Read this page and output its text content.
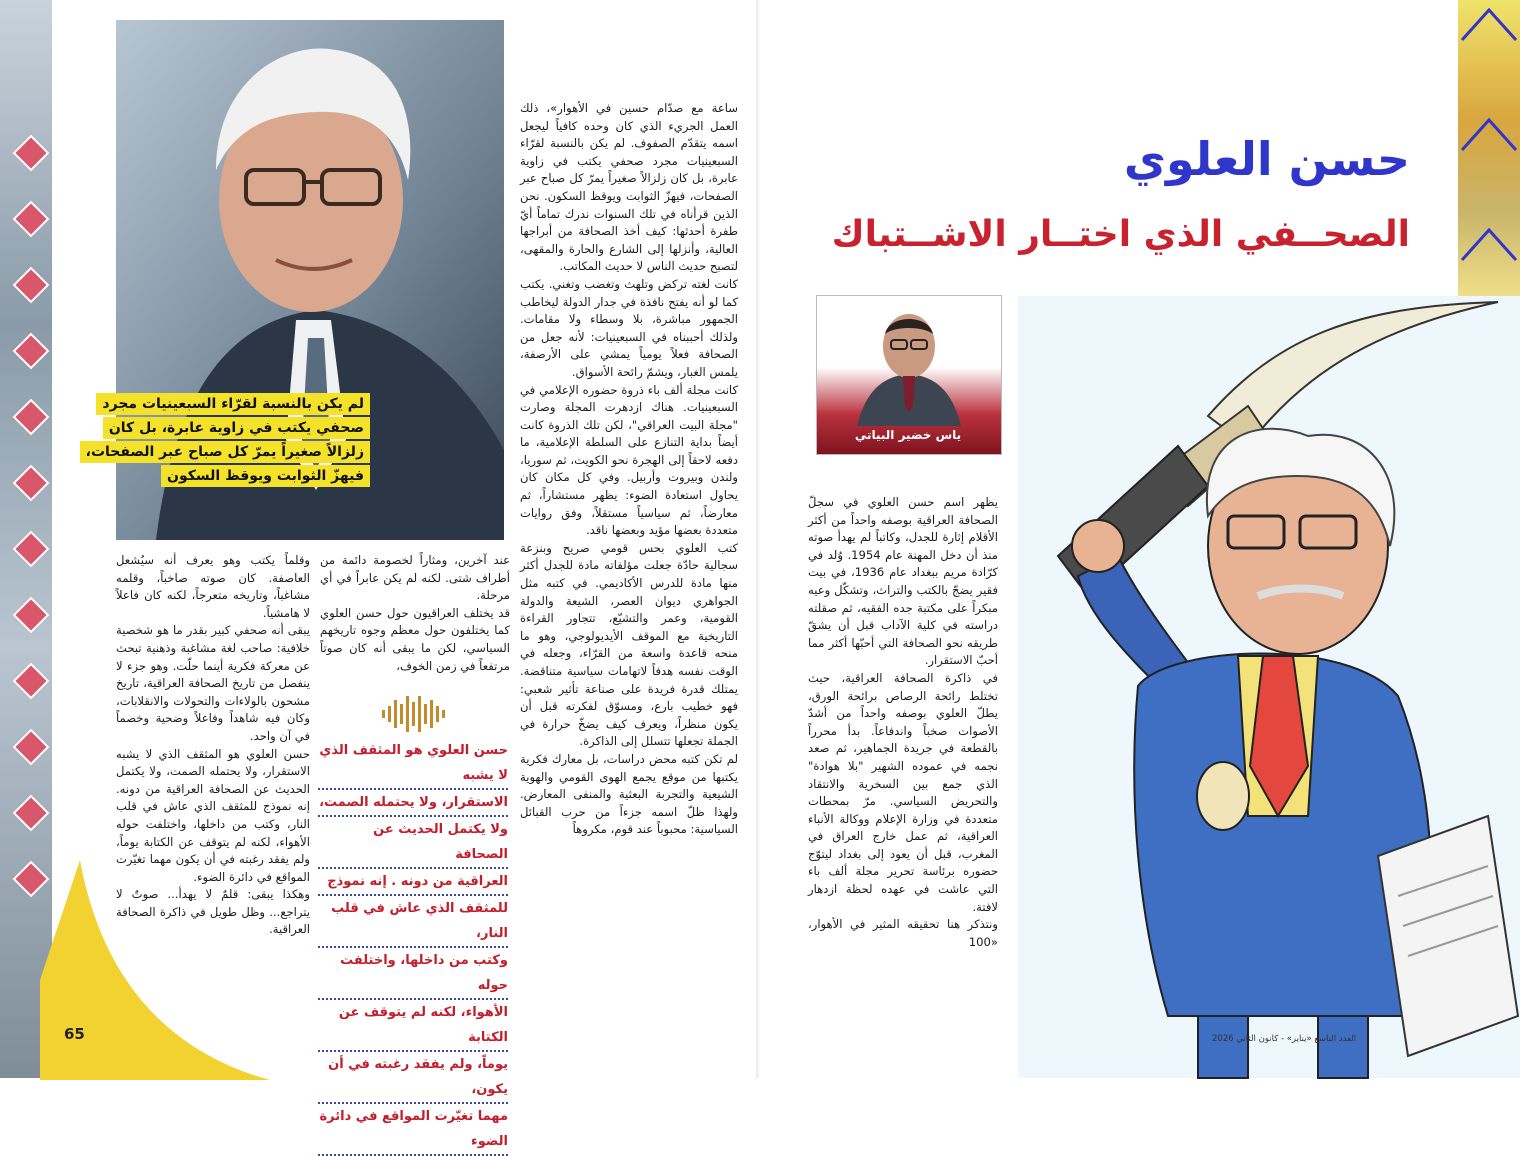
لم يكن بالنسبة لقرّاء السبعينيات مجرد
صحفي يكتب في زاوية عابرة، بل كان
زلزالاً صغيراً يمرّ كل صباح عبر الصفحات،
فيهزّ الثوابت ويوقظ السكون

ساعة مع صدّام حسين في الأهوار»، ذلك العمل الجريء الذي كان وحده كافياً ليجعل اسمه يتقدّم الصفوف. لم يكن بالنسبة لقرّاء السبعينيات مجرد صحفي يكتب في زاوية عابرة، بل كان زلزالاً صغيراً يمرّ كل صباح عبر الصفحات، فيهزّ الثوابت ويوقظ السكون. نحن الذين قرأناه في تلك السنوات ندرك تماماً أيّ طفرة أحدثها: كيف أخذ الصحافة من أبراجها العالية، وأنزلها إلى الشارع والحارة والمقهى، لتصبح حديث الناس لا حديث المكاتب.

كانت لغته تركض وتلهث وتغضب وتغني. يكتب كما لو أنه يفتح نافذة في جدار الدولة ليخاطب الجمهور مباشرة، بلا وسطاء ولا مقامات. ولذلك أحببناه في السبعينيات: لأنه جعل من الصحافة فعلاً يومياً يمشي على الأرصفة، يلمس الغبار، ويشمّ رائحة الأسواق.

كانت مجلة ألف باء ذروة حضوره الإعلامي في السبعينيات. هناك ازدهرت المجلة وصارت "مجلة البيت العراقي"، لكن تلك الذروة كانت أيضاً بداية التنازع على السلطة الإعلامية، ما دفعه لاحقاً إلى الهجرة نحو الكويت، ثم سوريا، ولندن وبيروت وأربيل. وفي كل مكان كان يحاول استعادة الضوء: يظهر مستشاراً، ثم معارضاً، ثم سياسياً مستقلاً، وفق روايات متعددة بعضها مؤيد وبعضها ناقد.

كتب العلوي بحس قومي صريح وبنزعة سجالية حادّة جعلت مؤلفاته مادة للجدل أكثر منها مادة للدرس الأكاديمي. في كتبه مثل الجواهري ديوان العصر، الشيعة والدولة القومية، وعمر والتشيّع، تتجاور القراءة التاريخية مع الموقف الأيديولوجي، وهو ما منحه قاعدة واسعة من القرّاء، وجعله في الوقت نفسه هدفاً لاتهامات سياسية متناقضة. يمتلك قدرة فريدة على صناعة تأثير شعبي: فهو خطيب بارع، ومسوّق لفكرته قبل أن يكون منظراً، ويعرف كيف يضخّ حرارة في الجملة تجعلها تتسلل إلى الذاكرة.

لم تكن كتبه محض دراسات، بل معارك فكرية يكتبها من موقع يجمع الهوى القومي والهوية الشيعية والتجربة البعثية والمنفى المعارض. ولهذا ظلّ اسمه جزءاً من حرب القبائل السياسية: محبوباً عند قوم، مكروهاً

عند آخرين، ومثاراً لخصومة دائمة من أطراف شتى. لكنه لم يكن عابراً في أي مرحلة.

قد يختلف العراقيون حول حسن العلوي كما يختلفون حول معظم وجوه تاريخهم السياسي، لكن ما يبقى أنه كان صوتاً مرتفعاً في زمن الخوف،

حسن العلوي هو المثقف الذي لا يشبه
الاستقرار، ولا يحتمله الصمت،
ولا يكتمل الحديث عن الصحافة
العراقية من دونه . إنه نموذج
للمثقف الذي عاش في قلب النار،
وكتب من داخلها، واختلفت حوله
الأهواء، لكنه لم يتوقف عن الكتابة
يوماً، ولم يفقد رغبته في أن يكون،
مهما تغيّرت المواقع في دائرة الضوء

وقلماً يكتب وهو يعرف أنه سيُشعل العاصفة. كان صوته صاخباً، وقلمه مشاغباً، وتاريخه متعرجاً، لكنه كان فاعلاً لا هامشياً.

يبقى أنه صحفي كبير بقدر ما هو شخصية خلافية: صاحب لغة مشاغبة وذهنية تبحث عن معركة فكرية أينما حلّت. وهو جزء لا ينفصل من تاريخ الصحافة العراقية، تاريخ مشحون بالولاءات والتحولات والانقلابات، وكان فيه شاهداً وفاعلاً وضحية وخصماً في آن واحد.

حسن العلوي هو المثقف الذي لا يشبه الاستقرار، ولا يحتمله الصمت، ولا يكتمل الحديث عن الصحافة العراقية من دونه. إنه نموذج للمثقف الذي عاش في قلب النار، وكتب من داخلها، واختلفت حوله الأهواء، لكنه لم يتوقف عن الكتابة يوماً، ولم يفقد رغبته في أن يكون مهما تغيّرت المواقع في دائرة الضوء.

وهكذا يبقى: قلمٌ لا يهدأ... صوتٌ لا يتراجع... وظل طويل في ذاكرة الصحافة العراقية.

65
حسن العلوي
الصحــفي الذي اختــار الاشــتباك
ياس خضير البياتي

يظهر اسم حسن العلوي في سجلّ الصحافة العراقية بوصفه واحداً من أكثر الأقلام إثارة للجدل، وكاتباً لم يهدأ صوته منذ أن دخل المهنة عام 1954. وُلد في كرّادة مريم ببغداد عام 1936، في بيت فقير يضجّ بالكتب والتراث، وتشكّل وعيه مبكراً على مكتبة جده الفقيه، ثم صقلته دراسته في كلية الآداب قبل أن يشقّ طريقه نحو الصحافة التي أحبّها أكثر مما أحبّ الاستقرار.

في ذاكرة الصحافة العراقية، حيث تختلط رائحة الرصاص برائحة الورق، يطلّ العلوي بوصفه واحداً من أشدّ الأصوات صخباً واندفاعاً. بدأ محرراً بالقطعة في جريدة الجماهير، ثم صعد نجمه في عموده الشهير "بلا هوادة" الذي جمع بين السخرية والانتقاد والتحريض السياسي. مرّ بمحطات متعددة في وزارة الإعلام ووكالة الأنباء العراقية، ثم عمل خارج العراق في المغرب، قبل أن يعود إلى بغداد ليتوّج حضوره برئاسة تحرير مجلة ألف باء التي عاشت في عهده لحظة ازدهار لافتة.

ونتذكر هنا تحقيقه المثير في الأهوار، «100

العدد التاسع «يناير» - كانون الثاني 2026
